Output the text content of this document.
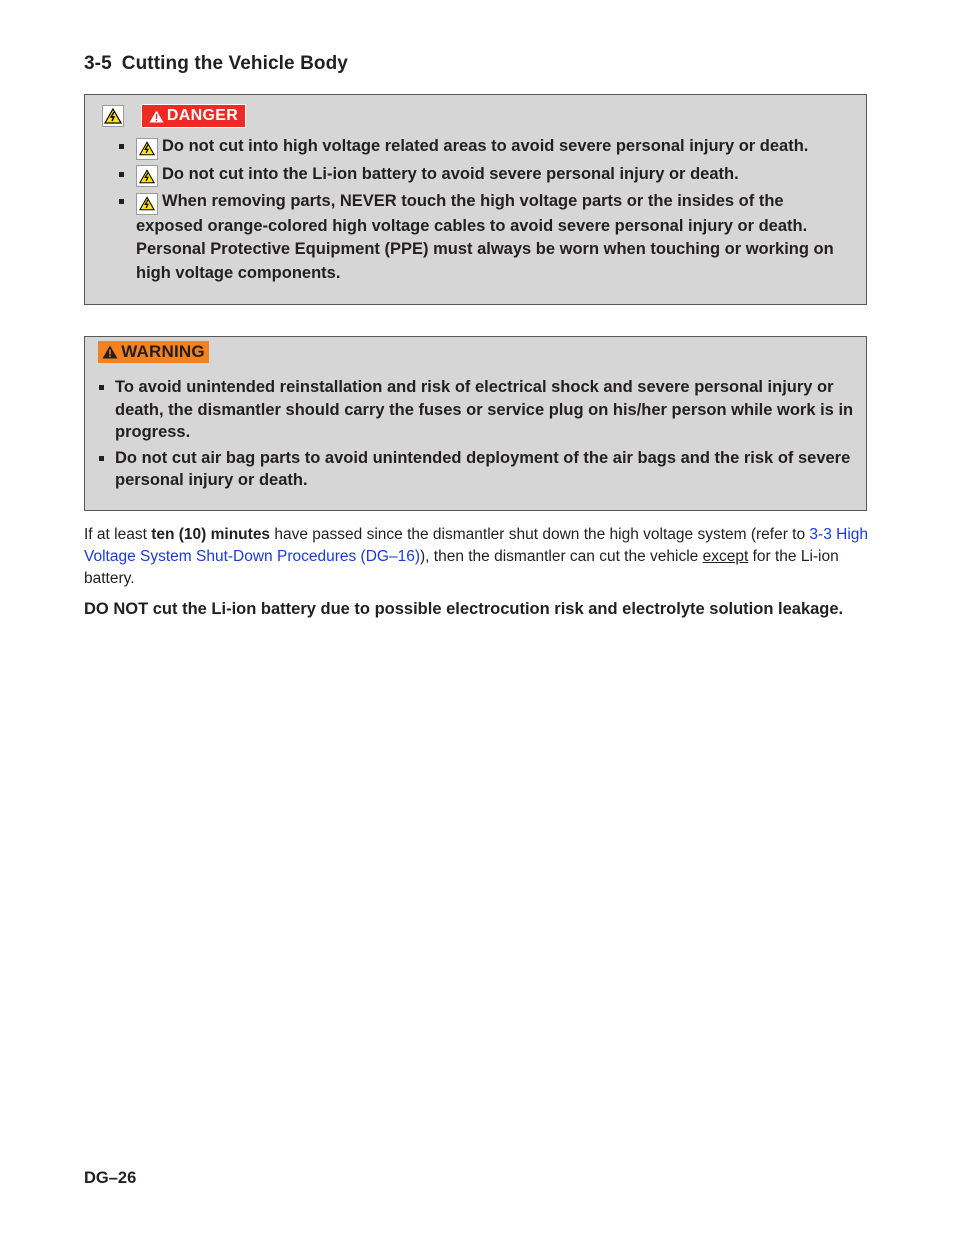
3-5 Cutting the Vehicle Body
DANGER
Do not cut into high voltage related areas to avoid severe personal injury or death.
Do not cut into the Li-ion battery to avoid severe personal injury or death.
When removing parts, NEVER touch the high voltage parts or the insides of the exposed orange-colored high voltage cables to avoid severe personal injury or death. Personal Protective Equipment (PPE) must always be worn when touching or working on high voltage components.
WARNING
To avoid unintended reinstallation and risk of electrical shock and severe personal injury or death, the dismantler should carry the fuses or service plug on his/her person while work is in progress.
Do not cut air bag parts to avoid unintended deployment of the air bags and the risk of severe personal injury or death.

If at least ten (10) minutes have passed since the dismantler shut down the high voltage system (refer to 3-3 High Voltage System Shut-Down Procedures (DG–16)), then the dismantler can cut the vehicle except for the Li-ion battery.

DO NOT cut the Li-ion battery due to possible electrocution risk and electrolyte solution leakage.

DG–26
